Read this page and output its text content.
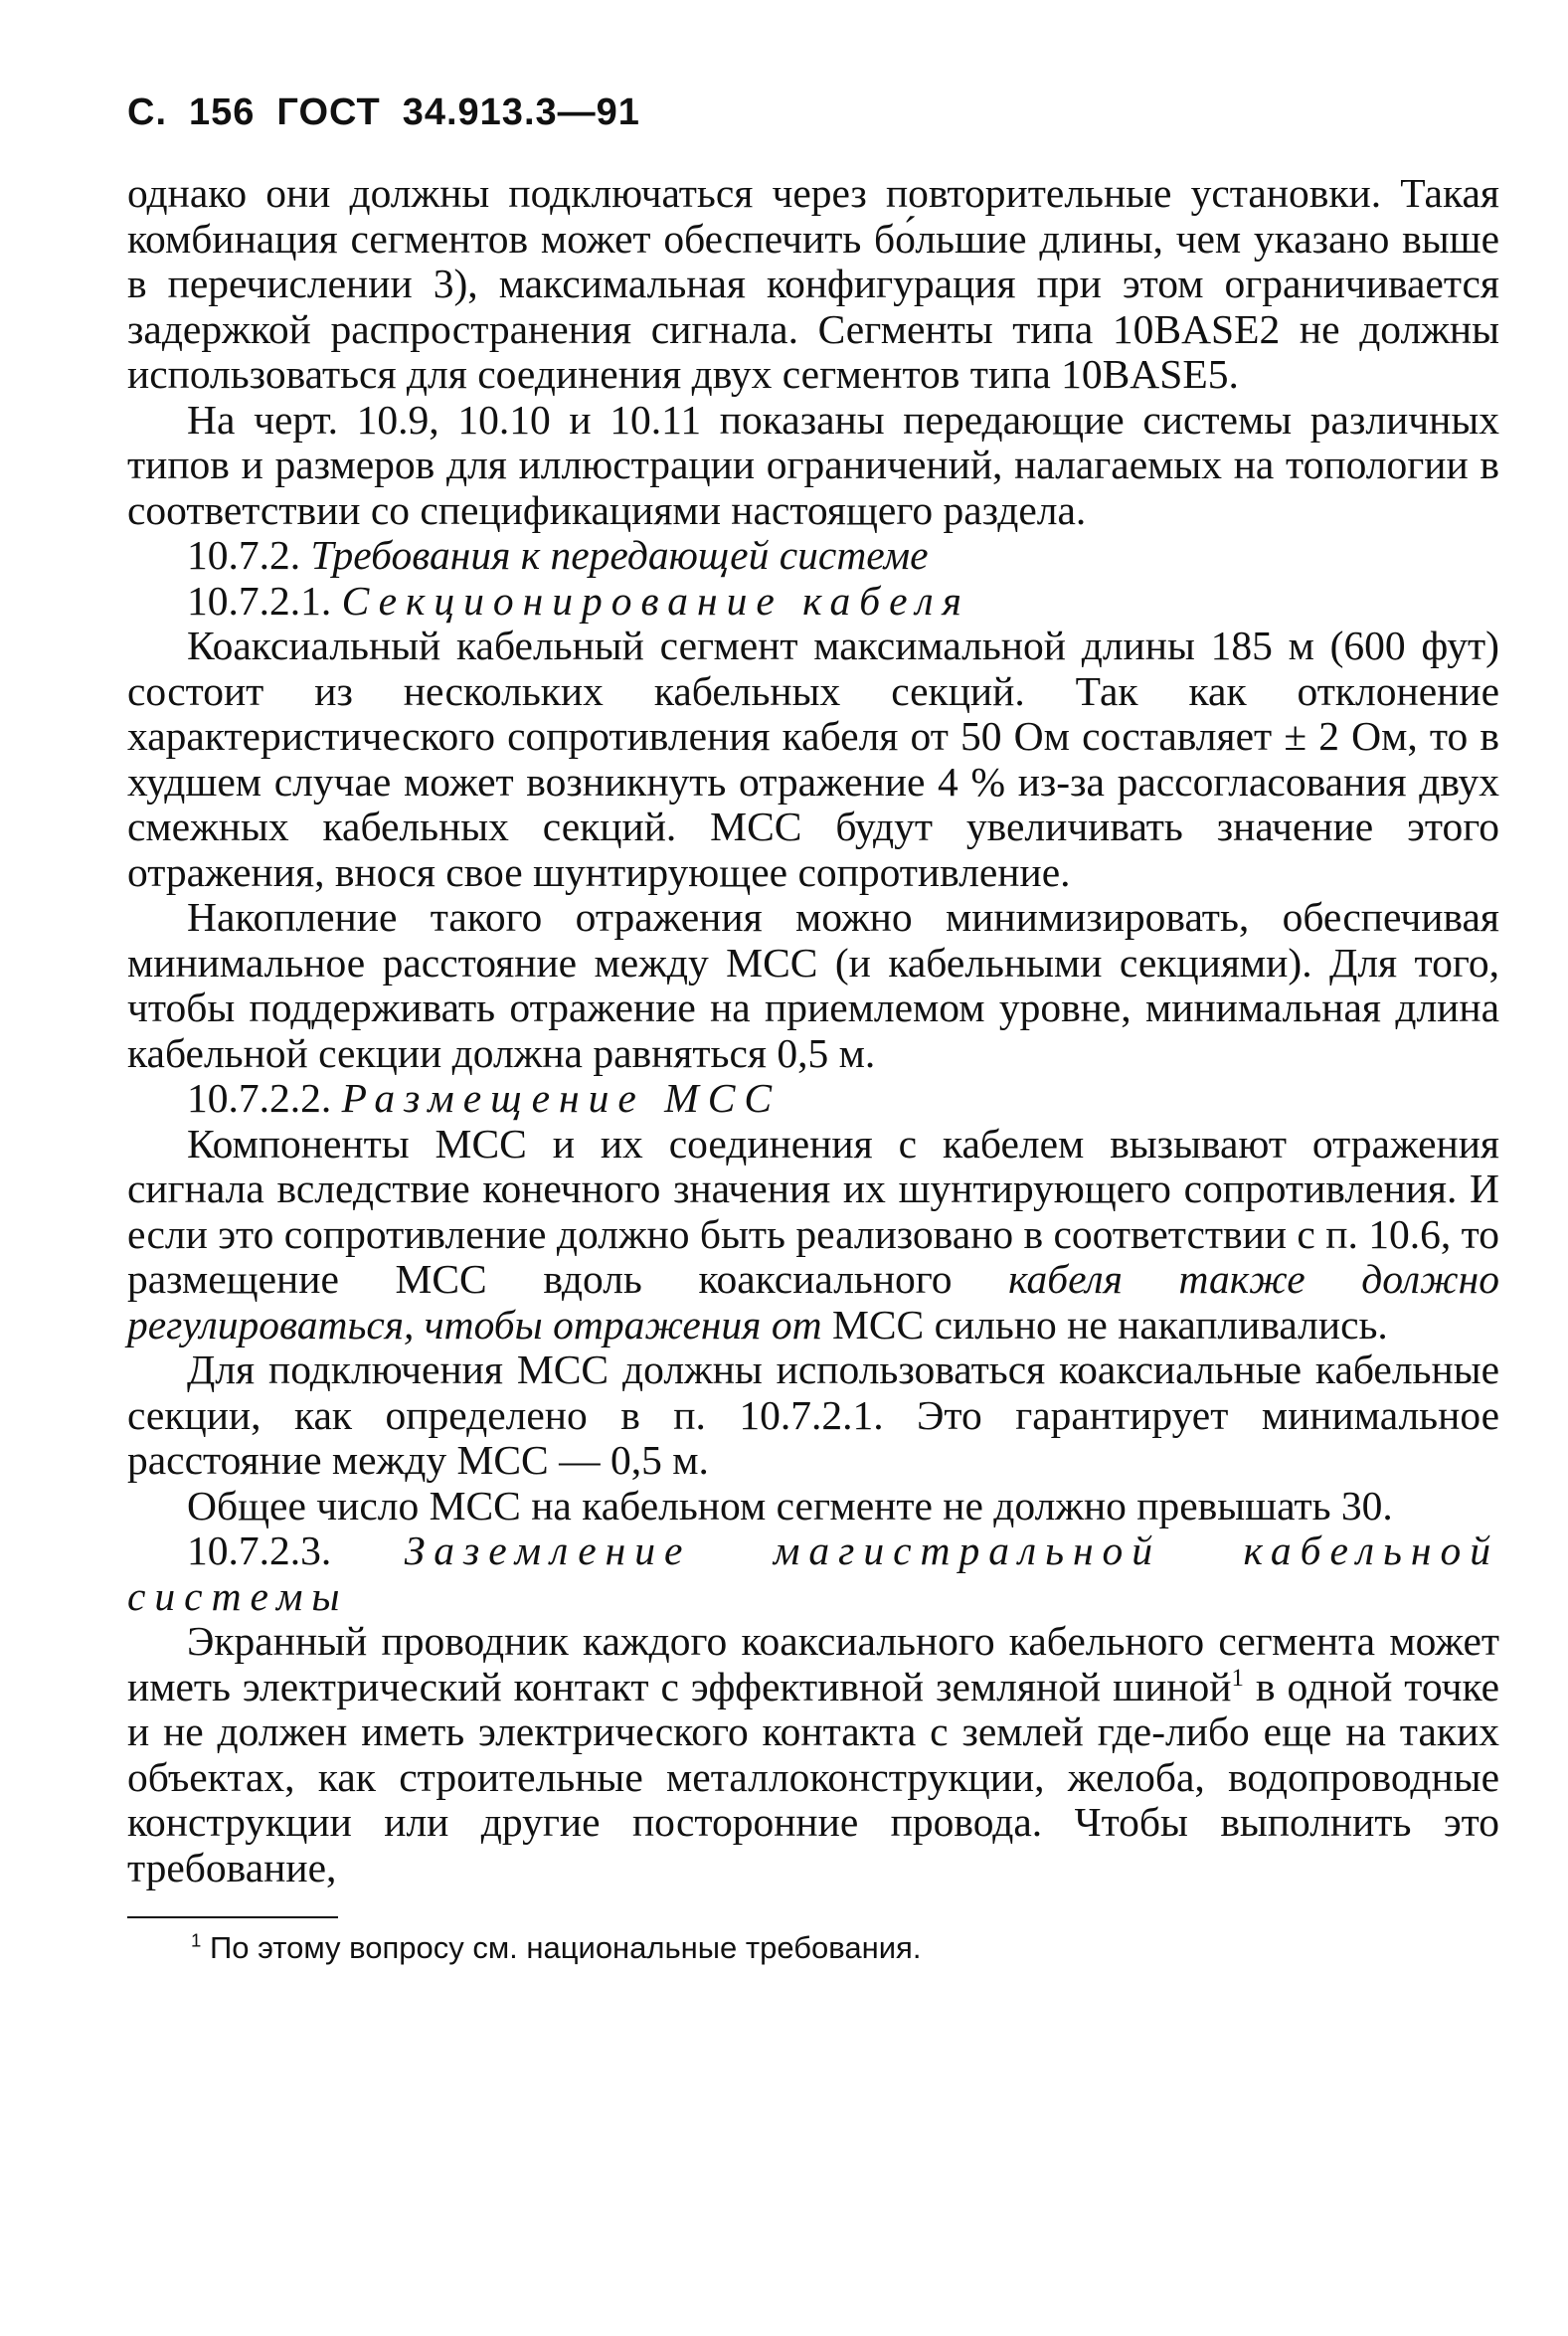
С. 156 ГОСТ 34.913.3—91

однако они должны подключаться через повторительные установки. Такая комбинация сегментов может обеспечить бо́льшие длины, чем указано выше в перечислении 3), максимальная конфигурация при этом ограничивается задержкой распространения сигнала. Сегменты типа 10BASE2 не должны использоваться для соединения двух сегментов типа 10BASE5.

На черт. 10.9, 10.10 и 10.11 показаны передающие системы различных типов и размеров для иллюстрации ограничений, налагаемых на топологии в соответствии со спецификациями настоящего раздела.

10.7.2. Требования к передающей системе

10.7.2.1. Секционирование кабеля

Коаксиальный кабельный сегмент максимальной длины 185 м (600 фут) состоит из нескольких кабельных секций. Так как отклонение характеристического сопротивления кабеля от 50 Ом составляет ± 2 Ом, то в худшем случае может возникнуть отражение 4 % из-за рассогласования двух смежных кабельных секций. МСС будут увеличивать значение этого отражения, внося свое шунтирующее сопротивление.

Накопление такого отражения можно минимизировать, обеспечивая минимальное расстояние между МСС (и кабельными секциями). Для того, чтобы поддерживать отражение на приемлемом уровне, минимальная длина кабельной секции должна равняться 0,5 м.

10.7.2.2. Размещение МСС

Компоненты МСС и их соединения с кабелем вызывают отражения сигнала вследствие конечного значения их шунтирующего сопротивления. И если это сопротивление должно быть реализовано в соответствии с п. 10.6, то размещение МСС вдоль коаксиального кабеля также должно регулироваться, чтобы отражения от МСС сильно не накапливались.

Для подключения МСС должны использоваться коаксиальные кабельные секции, как определено в п. 10.7.2.1. Это гарантирует минимальное расстояние между МСС — 0,5 м.

Общее число МСС на кабельном сегменте не должно превышать 30.

10.7.2.3. Заземление магистральной кабельной системы

Экранный проводник каждого коаксиального кабельного сегмента может иметь электрический контакт с эффективной земляной шиной$^1$ в одной точке и не должен иметь электрического контакта с землей где-либо еще на таких объектах, как строительные металлоконструкции, желоба, водопроводные конструкции или другие посторонние провода. Чтобы выполнить это требование,

$^1$ По этому вопросу см. национальные требования.
